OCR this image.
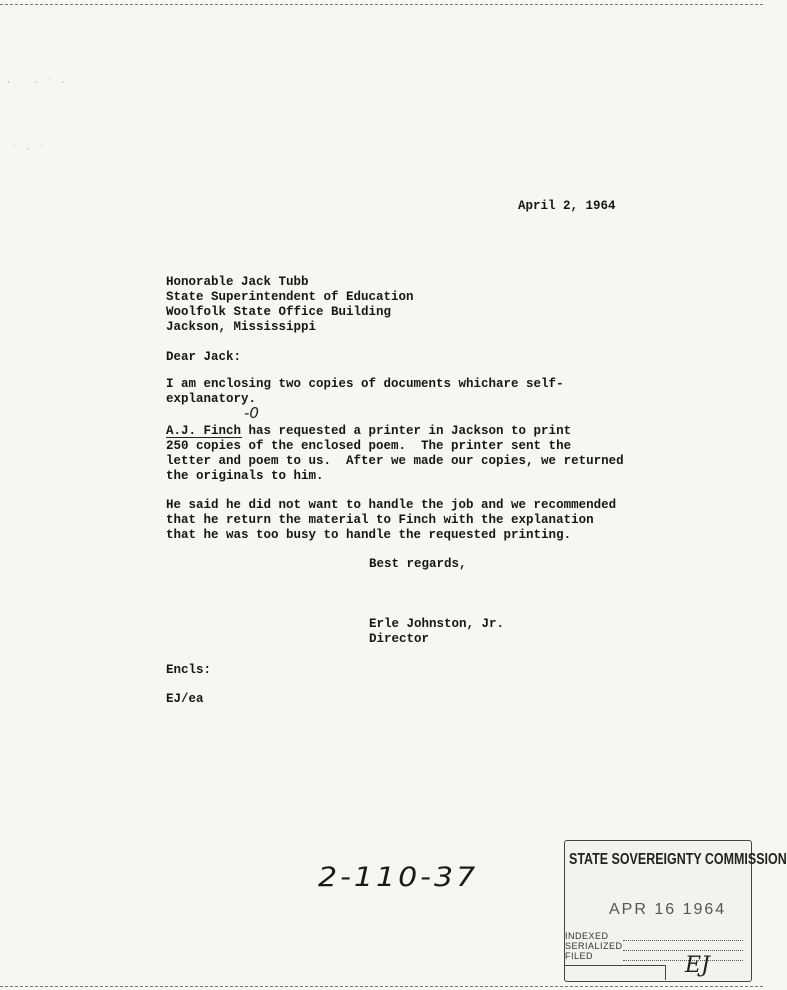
· ˙ · ˙ ·
˙ · ˙
April 2, 1964
Honorable Jack Tubb
State Superintendent of Education
Woolfolk State Office Building
Jackson, Mississippi
Dear Jack:
I am enclosing two copies of documents whichare self-
explanatory.
A.J. Finch has requested a printer in Jackson to print
250 copies of the enclosed poem.  The printer sent the
letter and poem to us.  After we made our copies, we returned
the originals to him.
He said he did not want to handle the job and we recommended
that he return the material to Finch with the explanation
that he was too busy to handle the requested printing.
-0
Best regards,
Erle Johnston, Jr.
Director
Encls:
EJ/ea
2-110-37
STATE SOVEREIGNTY COMMISSION
APR 16 1964
INDEXED
SERIALIZED
FILED	EJ
